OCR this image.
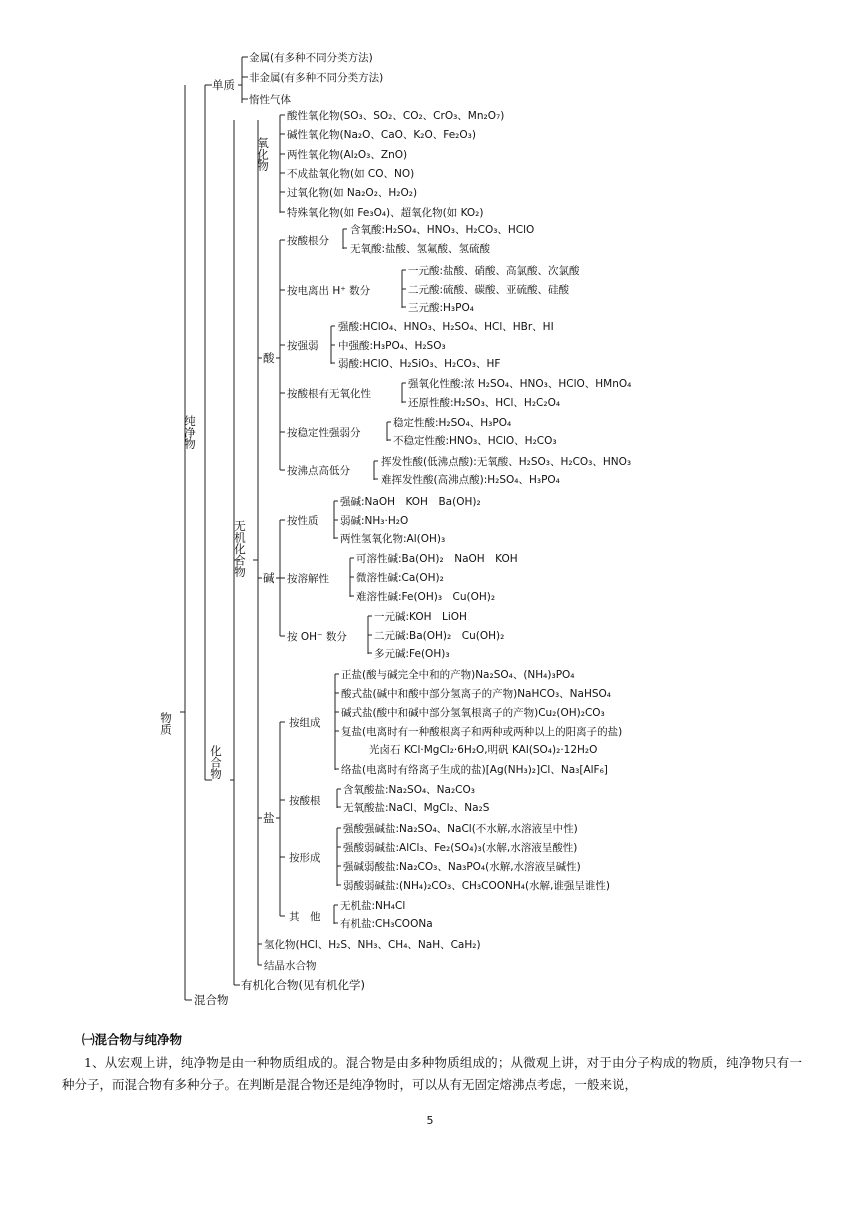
物质
纯净物
混合物
单质
金属(有多种不同分类方法)
非金属(有多种不同分类方法)
惰性气体
化合物
无机化合物
有机化合物(见有机化学)
氧化物
酸性氧化物(SO₃、SO₂、CO₂、CrO₃、Mn₂O₇)
碱性氧化物(Na₂O、CaO、K₂O、Fe₂O₃)
两性氧化物(Al₂O₃、ZnO)
不成盐氧化物(如 CO、NO)
过氧化物(如 Na₂O₂、H₂O₂)
特殊氧化物(如 Fe₃O₄)、超氧化物(如 KO₂)
酸
按酸根分
含氧酸:H₂SO₄、HNO₃、H₂CO₃、HClO
无氧酸:盐酸、氢氟酸、氢硫酸
按电离出 H⁺ 数分
一元酸:盐酸、硝酸、高氯酸、次氯酸
二元酸:硫酸、碳酸、亚硫酸、硅酸
三元酸:H₃PO₄
按强弱
强酸:HClO₄、HNO₃、H₂SO₄、HCl、HBr、HI
中强酸:H₃PO₄、H₂SO₃
弱酸:HClO、H₂SiO₃、H₂CO₃、HF
按酸根有无氧化性
强氧化性酸:浓 H₂SO₄、HNO₃、HClO、HMnO₄
还原性酸:H₂SO₃、HCl、H₂C₂O₄
按稳定性强弱分
稳定性酸:H₂SO₄、H₃PO₄
不稳定性酸:HNO₃、HClO、H₂CO₃
按沸点高低分
挥发性酸(低沸点酸):无氧酸、H₂SO₃、H₂CO₃、HNO₃
难挥发性酸(高沸点酸):H₂SO₄、H₃PO₄
碱
按性质
强碱:NaOH　KOH　Ba(OH)₂
弱碱:NH₃·H₂O
两性氢氧化物:Al(OH)₃
按溶解性
可溶性碱:Ba(OH)₂　NaOH　KOH
微溶性碱:Ca(OH)₂
难溶性碱:Fe(OH)₃　Cu(OH)₂
按 OH⁻ 数分
一元碱:KOH　LiOH
二元碱:Ba(OH)₂　Cu(OH)₂
多元碱:Fe(OH)₃
盐
按组成
正盐(酸与碱完全中和的产物)Na₂SO₄、(NH₄)₃PO₄
酸式盐(碱中和酸中部分氢离子的产物)NaHCO₃、NaHSO₄
碱式盐(酸中和碱中部分氢氧根离子的产物)Cu₂(OH)₂CO₃
复盐(电离时有一种酸根离子和两种或两种以上的阳离子的盐)
光卤石 KCl·MgCl₂·6H₂O,明矾 KAl(SO₄)₂·12H₂O
络盐(电离时有络离子生成的盐)[Ag(NH₃)₂]Cl、Na₃[AlF₆]
按酸根
含氧酸盐:Na₂SO₄、Na₂CO₃
无氧酸盐:NaCl、MgCl₂、Na₂S
按形成
强酸强碱盐:Na₂SO₄、NaCl(不水解,水溶液呈中性)
强酸弱碱盐:AlCl₃、Fe₂(SO₄)₃(水解,水溶液呈酸性)
强碱弱酸盐:Na₂CO₃、Na₃PO₄(水解,水溶液呈碱性)
弱酸弱碱盐:(NH₄)₂CO₃、CH₃COONH₄(水解,谁强呈谁性)
其　他
无机盐:NH₄Cl
有机盐:CH₃COONa
氢化物(HCl、H₂S、NH₃、CH₄、NaH、CaH₂)
结晶水合物
㈠混合物与纯净物
1、从宏观上讲，纯净物是由一种物质组成的。混合物是由多种物质组成的；从微观上讲，对于由分子构成的物质，纯净物只有一种分子，而混合物有多种分子。在判断是混合物还是纯净物时，可以从有无固定熔沸点考虑，一般来说，
5
